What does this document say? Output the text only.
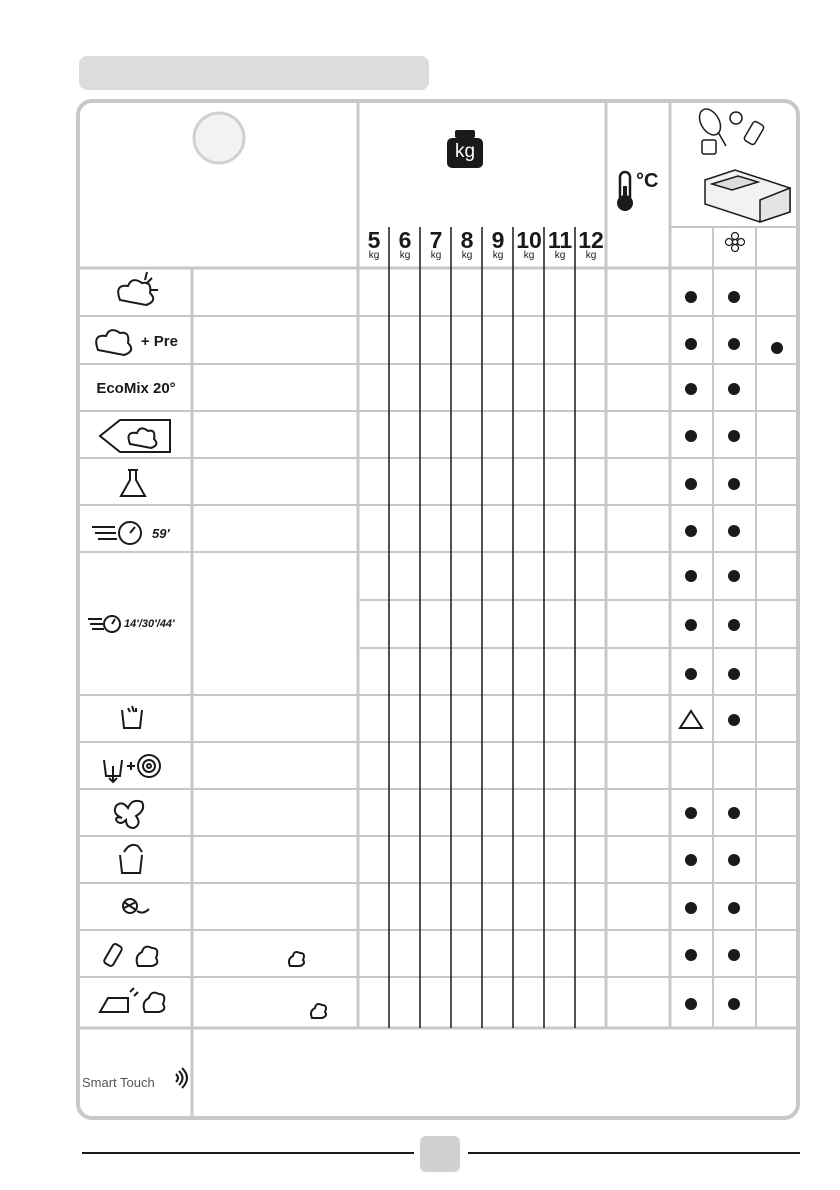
kg
°C
5
kg
6
kg
7
kg
8
kg
9
kg
10
kg
11
kg
12
kg
+ Pre
EcoMix 20°
59'
14'/30'/44'
Smart Touch
